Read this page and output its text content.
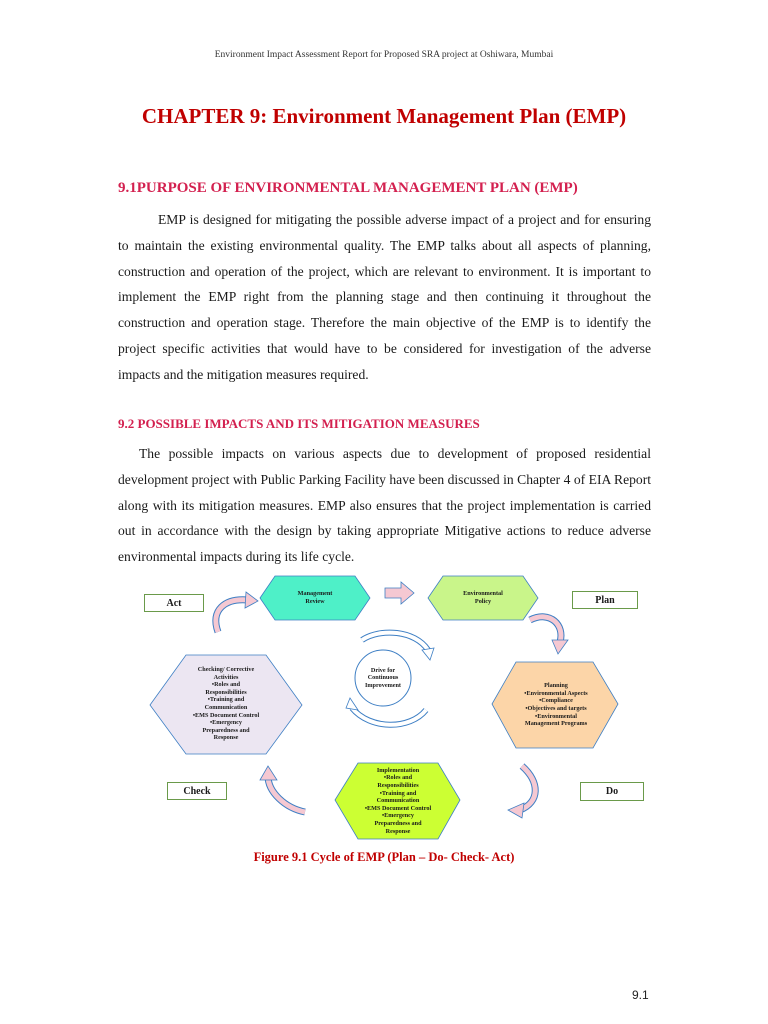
Environment Impact Assessment Report for Proposed SRA project at Oshiwara, Mumbai
CHAPTER 9: Environment Management Plan (EMP)
9.1PURPOSE OF ENVIRONMENTAL MANAGEMENT PLAN (EMP)

EMP is designed for mitigating the possible adverse impact of a project and for ensuring to maintain the existing environmental quality. The EMP talks about all aspects of planning, construction and operation of the project, which are relevant to environment. It is important to implement the EMP right from the planning stage and then continuing it throughout the construction and operation stage. Therefore the main objective of the EMP is to identify the project specific activities that would have to be considered for investigation of the adverse impacts and the mitigation measures required.

9.2 POSSIBLE IMPACTS AND ITS MITIGATION MEASURES

The possible impacts on various aspects due to development of proposed residential development project with Public Parking Facility have been discussed in Chapter 4 of EIA Report along with its mitigation measures. EMP also ensures that the project implementation is carried out in accordance with the design by taking appropriate Mitigative actions to reduce adverse environmental impacts during its life cycle.

Act	Plan
Check	Do
Management
Review
Environmental
Policy
Drive for
Continuous
Improvement	Planning
• Environmental Aspects
• Compliance
• Objectives and targets
• Environmental Management Programs
Implementation
• Roles and Responsibilities
• Training and Communication
• EMS Document Control
• Emergency Preparedness and Response
Checking/ Corrective Activities
• Roles and Responsibilities
• Training and Communication
• EMS Document Control
• Emergency Preparedness and Response
Figure 9.1 Cycle of EMP (Plan – Do- Check- Act)
9.1
